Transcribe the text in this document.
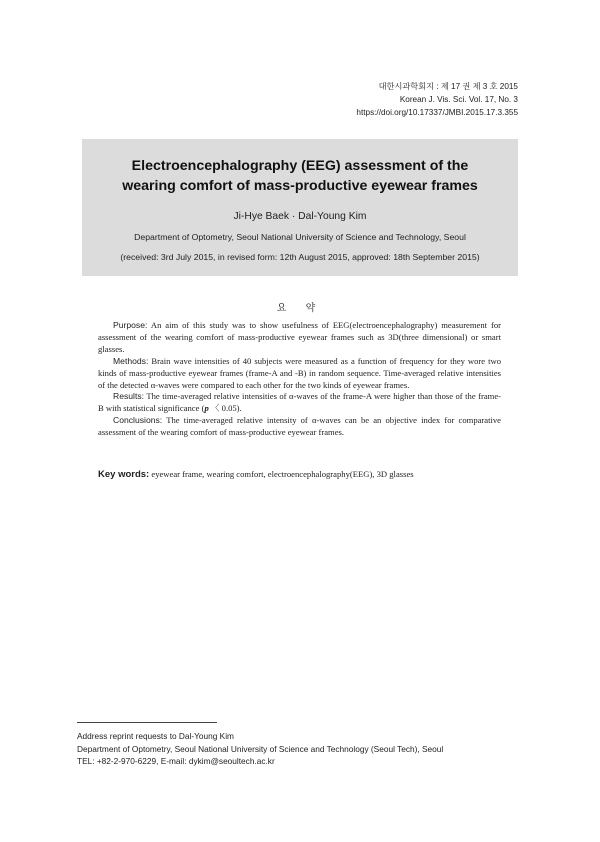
대한시과학회지 : 제 17 권 제 3 호 2015
Korean J. Vis. Sci. Vol. 17, No. 3
https://doi.org/10.17337/JMBI.2015.17.3.355
Electroencephalography (EEG) assessment of the wearing comfort of mass-productive eyewear frames
Ji-Hye Baek · Dal-Young Kim
Department of Optometry, Seoul National University of Science and Technology, Seoul
(received: 3rd July 2015, in revised form: 12th August 2015, approved: 18th September 2015)
요 약

Purpose: An aim of this study was to show usefulness of EEG(electroencephalography) measurement for assessment of the wearing comfort of mass-productive eyewear frames such as 3D(three dimensional) or smart glasses.

Methods: Brain wave intensities of 40 subjects were measured as a function of frequency for they wore two kinds of mass-productive eyewear frames (frame-A and -B) in random sequence. Time-averaged relative intensities of the detected α-waves were compared to each other for the two kinds of eyewear frames.

Results: The time-averaged relative intensities of α-waves of the frame-A were higher than those of the frame-B with statistical significance (p 〈 0.05).

Conclusions: The time-averaged relative intensity of α-waves can be an objective index for comparative assessment of the wearing comfort of mass-productive eyewear frames.

Key words: eyewear frame, wearing comfort, electroencephalography(EEG), 3D glasses
Address reprint requests to Dal-Young Kim
Department of Optometry, Seoul National University of Science and Technology (Seoul Tech), Seoul
TEL: +82-2-970-6229, E-mail: dykim@seoultech.ac.kr
